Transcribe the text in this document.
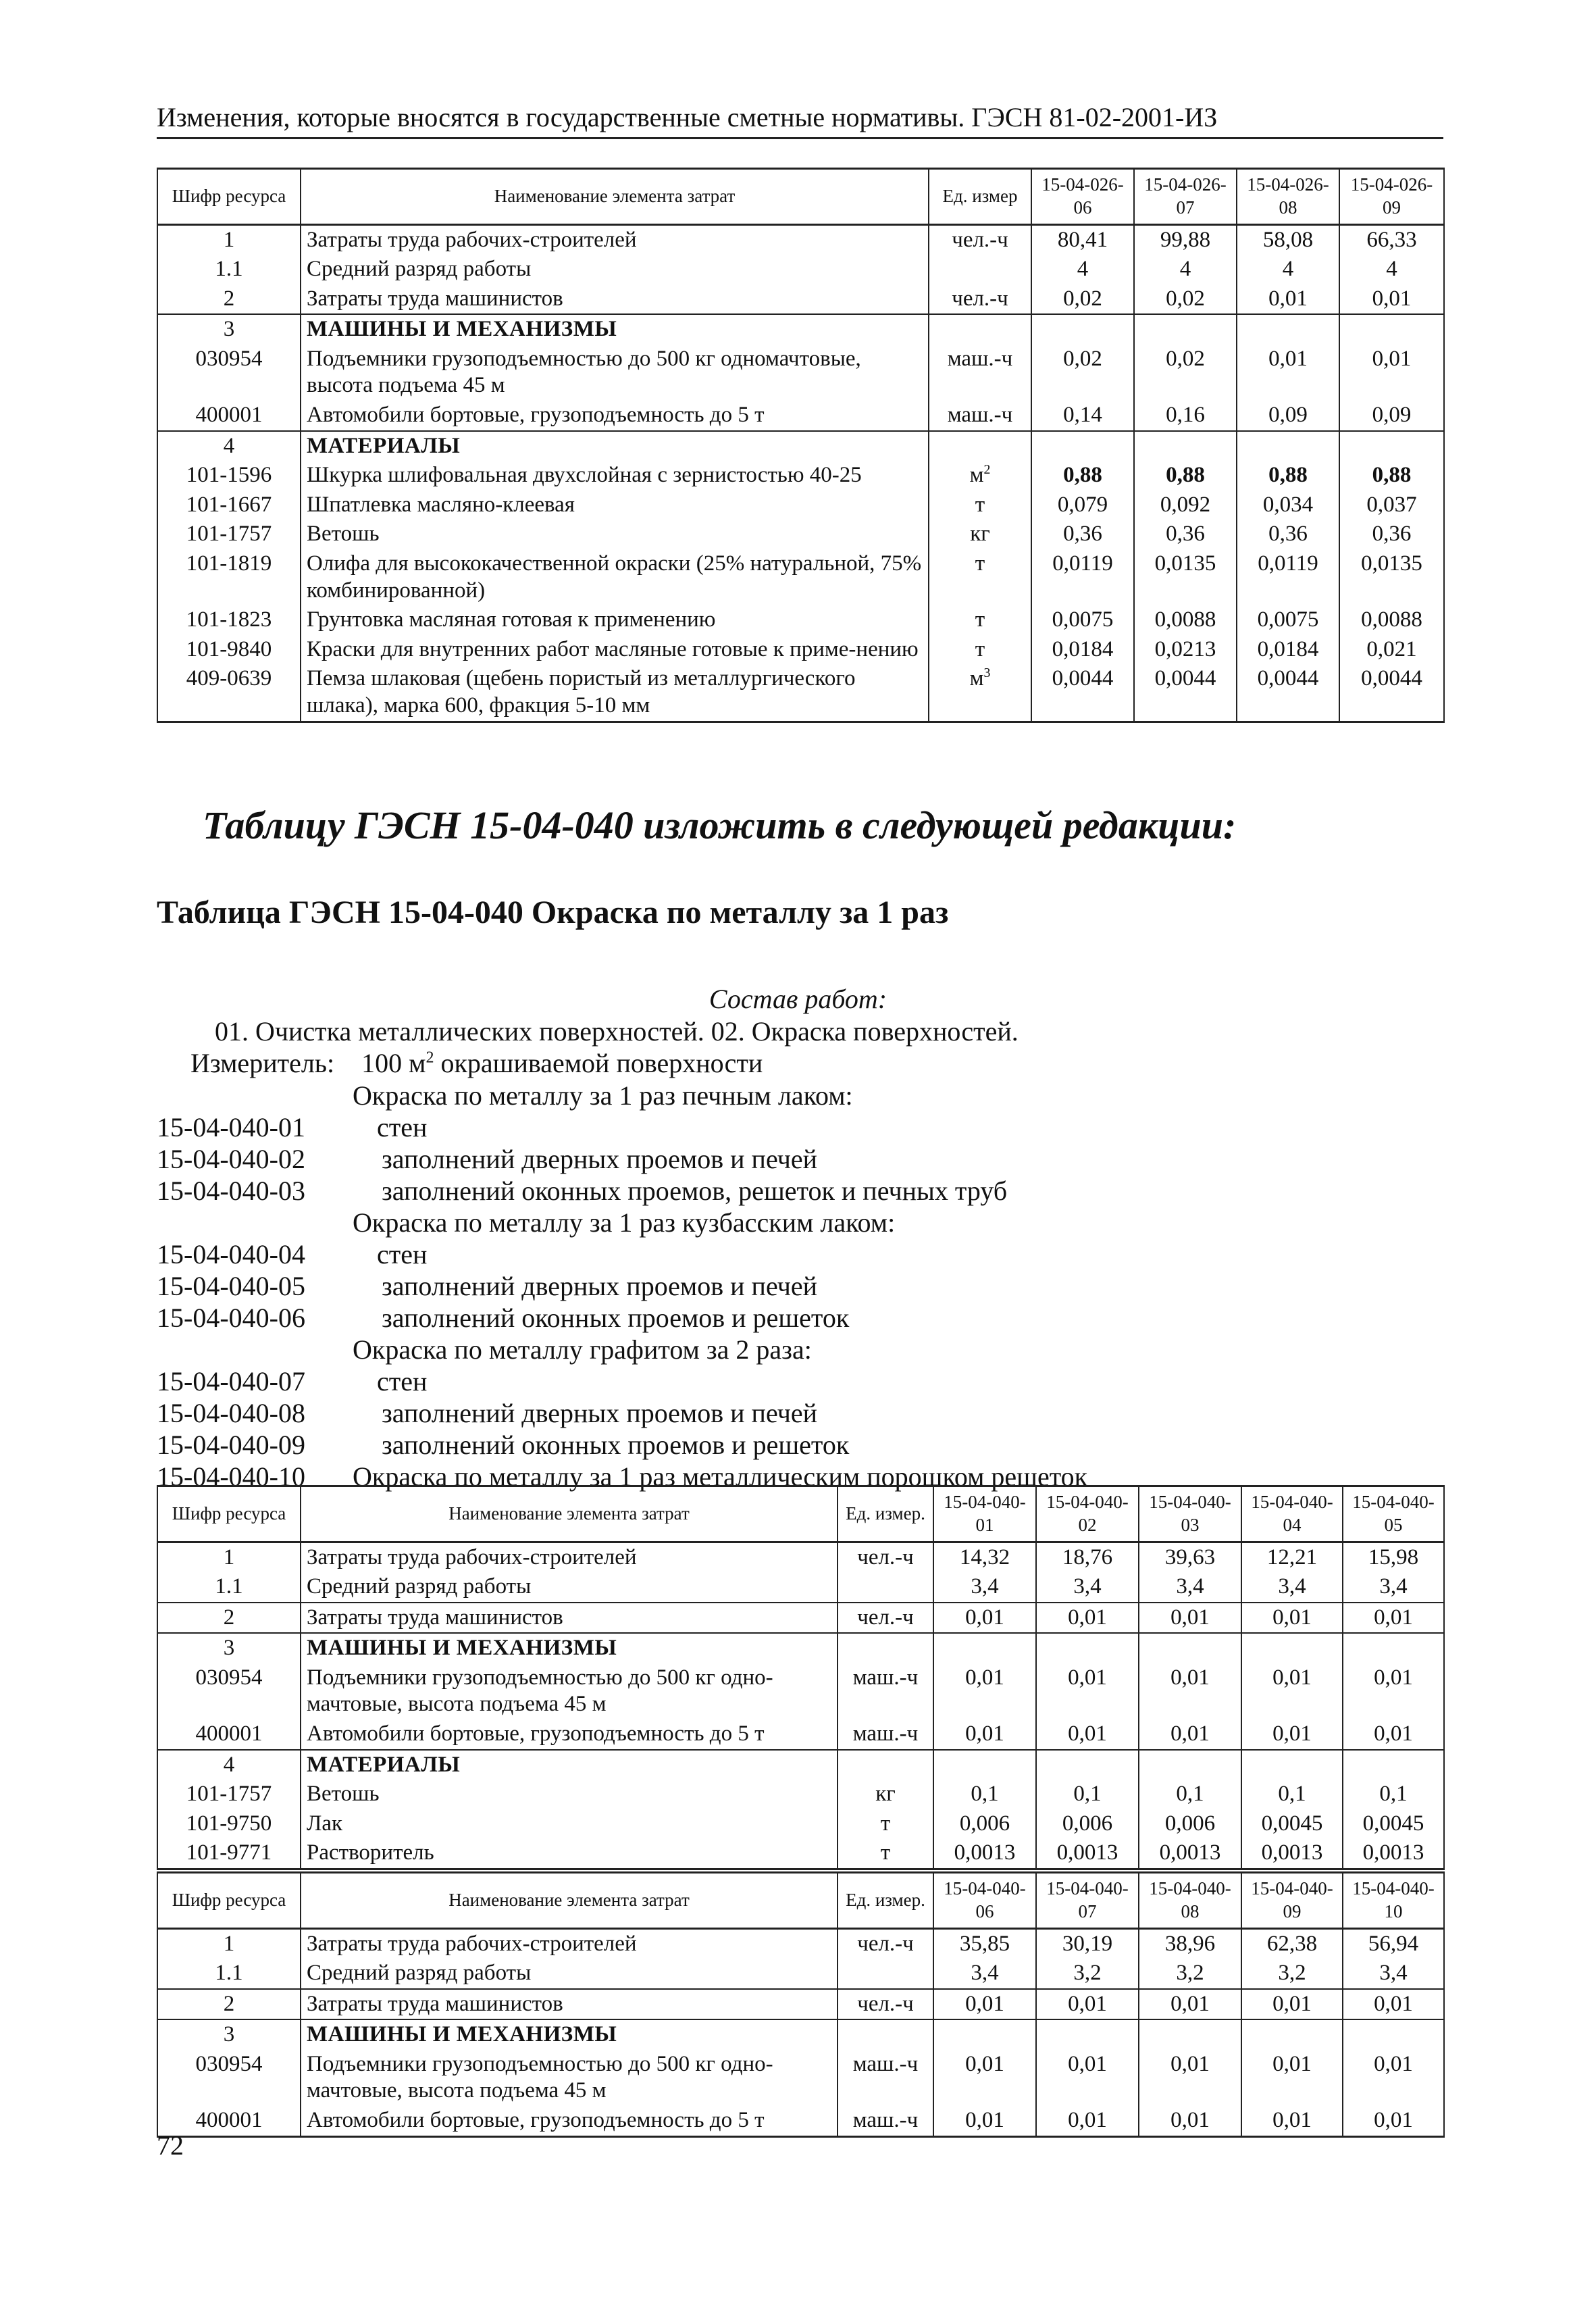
Изменения, которые вносятся в государственные сметные нормативы. ГЭСН 81-02-2001-ИЗ
Шифр ресурса	Наименование элемента затрат	Ед. измер	15-04-026-06	15-04-026-07	15-04-026-08	15-04-026-09
1	Затраты труда рабочих-строителей	чел.-ч	80,41	99,88	58,08	66,33
1.1	Средний разряд работы		4	4	4	4
2	Затраты труда машинистов	чел.-ч	0,02	0,02	0,01	0,01
3	МАШИНЫ И МЕХАНИЗМЫ					
030954	Подъемники грузоподъемностью до 500 кг одномачтовые, высота подъема 45 м	маш.-ч	0,02	0,02	0,01	0,01
400001	Автомобили бортовые, грузоподъемность до 5 т	маш.-ч	0,14	0,16	0,09	0,09
4	МАТЕРИАЛЫ					
101-1596	Шкурка шлифовальная двухслойная с зернистостью 40-25	$м^2$	0,88	0,88	0,88	0,88
101-1667	Шпатлевка масляно-клеевая	т	0,079	0,092	0,034	0,037
101-1757	Ветошь	кг	0,36	0,36	0,36	0,36
101-1819	Олифа для высококачественной окраски (25% натуральной, 75% комбинированной)	т	0,0119	0,0135	0,0119	0,0135
101-1823	Грунтовка масляная готовая к применению	т	0,0075	0,0088	0,0075	0,0088
101-9840	Краски для внутренних работ масляные готовые к приме-нению	т	0,0184	0,0213	0,0184	0,021
409-0639	Пемза шлаковая (щебень пористый из металлургического шлака), марка 600, фракция 5-10 мм	$м^3$	0,0044	0,0044	0,0044	0,0044
Таблицу ГЭСН 15-04-040 изложить в следующей редакции:
Таблица ГЭСН 15-04-040 Окраска по металлу за 1 раз
Состав работ:
01. Очистка металлических поверхностей. 02. Окраска поверхностей.
Измеритель: 100 $м^2$ окрашиваемой поверхности
Окраска по металлу за 1 раз печным лаком:
15-04-040-01	стен
15-04-040-02	заполнений дверных проемов и печей
15-04-040-03	заполнений оконных проемов, решеток и печных труб
Окраска по металлу за 1 раз кузбасским лаком:
15-04-040-04	стен
15-04-040-05	заполнений дверных проемов и печей
15-04-040-06	заполнений оконных проемов и решеток
Окраска по металлу графитом за 2 раза:
15-04-040-07	стен
15-04-040-08	заполнений дверных проемов и печей
15-04-040-09	заполнений оконных проемов и решеток
15-04-040-10 Окраска по металлу за 1 раз металлическим порошком решеток
Шифр ресурса	Наименование элемента затрат	Ед. измер.	15-04-040-01	15-04-040-02	15-04-040-03	15-04-040-04	15-04-040-05
1	Затраты труда рабочих-строителей	чел.-ч	14,32	18,76	39,63	12,21	15,98
1.1	Средний разряд работы		3,4	3,4	3,4	3,4	3,4
2	Затраты труда машинистов	чел.-ч	0,01	0,01	0,01	0,01	0,01
3	МАШИНЫ И МЕХАНИЗМЫ						
030954	Подъемники грузоподъемностью до 500 кг одно-мачтовые, высота подъема 45 м	маш.-ч	0,01	0,01	0,01	0,01	0,01
400001	Автомобили бортовые, грузоподъемность до 5 т	маш.-ч	0,01	0,01	0,01	0,01	0,01
4	МАТЕРИАЛЫ						
101-1757	Ветошь	кг	0,1	0,1	0,1	0,1	0,1
101-9750	Лак	т	0,006	0,006	0,006	0,0045	0,0045
101-9771	Растворитель	т	0,0013	0,0013	0,0013	0,0013	0,0013
Шифр ресурса	Наименование элемента затрат	Ед. измер.	15-04-040-06	15-04-040-07	15-04-040-08	15-04-040-09	15-04-040-10
1	Затраты труда рабочих-строителей	чел.-ч	35,85	30,19	38,96	62,38	56,94
1.1	Средний разряд работы		3,4	3,2	3,2	3,2	3,4
2	Затраты труда машинистов	чел.-ч	0,01	0,01	0,01	0,01	0,01
3	МАШИНЫ И МЕХАНИЗМЫ						
030954	Подъемники грузоподъемностью до 500 кг одно-мачтовые, высота подъема 45 м	маш.-ч	0,01	0,01	0,01	0,01	0,01
400001	Автомобили бортовые, грузоподъемность до 5 т	маш.-ч	0,01	0,01	0,01	0,01	0,01
72
